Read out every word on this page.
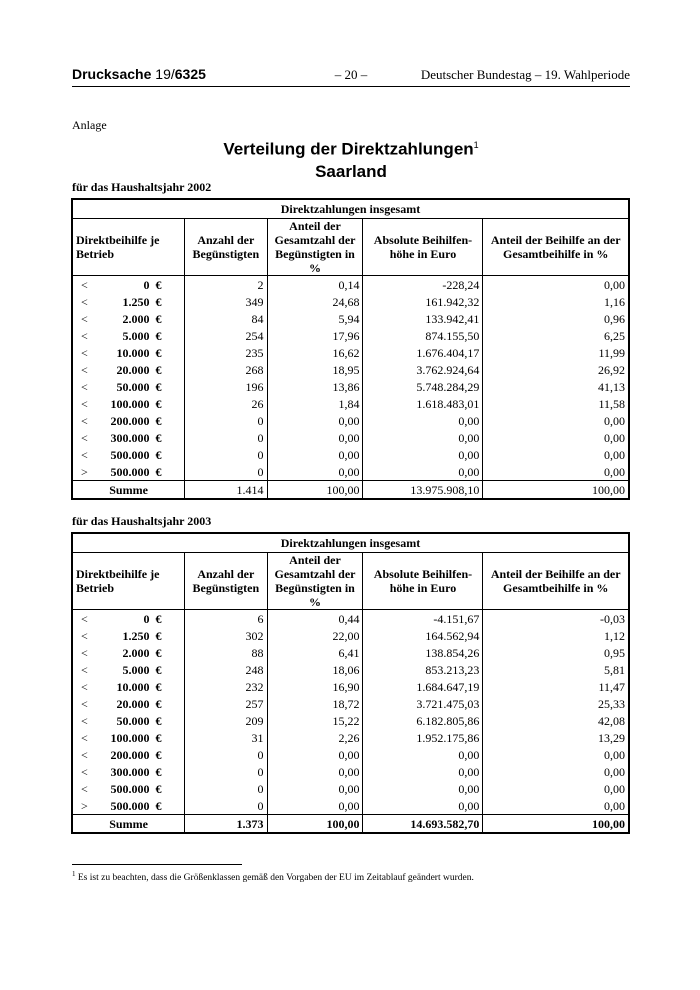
Drucksache 19/6325	– 20 –	Deutscher Bundestag – 19. Wahlperiode
Anlage
Verteilung der Direktzahlungen$^1$
Saarland
für das Haushaltsjahr 2002
Direktzahlungen insgesamt						
Direktbeihilfe je Betrieb			Anzahl der Begünstigten	Anteil der Gesamtzahl der Begünstigten in %	Absolute Beihilfen-höhe in Euro	Anteil der Beihilfe an der Gesamtbeihilfe in %
<	0	€	2	0,14	-228,24	0,00
<	1.250	€	349	24,68	161.942,32	1,16
<	2.000	€	84	5,94	133.942,41	0,96
<	5.000	€	254	17,96	874.155,50	6,25
<	10.000	€	235	16,62	1.676.404,17	11,99
<	20.000	€	268	18,95	3.762.924,64	26,92
<	50.000	€	196	13,86	5.748.284,29	41,13
<	100.000	€	26	1,84	1.618.483,01	11,58
<	200.000	€	0	0,00	0,00	0,00
<	300.000	€	0	0,00	0,00	0,00
<	500.000	€	0	0,00	0,00	0,00
>	500.000	€	0	0,00	0,00	0,00
Summe			1.414	100,00	13.975.908,10	100,00
für das Haushaltsjahr 2003
Direktzahlungen insgesamt						
Direktbeihilfe je Betrieb			Anzahl der Begünstigten	Anteil der Gesamtzahl der Begünstigten in %	Absolute Beihilfen-höhe in Euro	Anteil der Beihilfe an der Gesamtbeihilfe in %
<	0	€	6	0,44	-4.151,67	-0,03
<	1.250	€	302	22,00	164.562,94	1,12
<	2.000	€	88	6,41	138.854,26	0,95
<	5.000	€	248	18,06	853.213,23	5,81
<	10.000	€	232	16,90	1.684.647,19	11,47
<	20.000	€	257	18,72	3.721.475,03	25,33
<	50.000	€	209	15,22	6.182.805,86	42,08
<	100.000	€	31	2,26	1.952.175,86	13,29
<	200.000	€	0	0,00	0,00	0,00
<	300.000	€	0	0,00	0,00	0,00
<	500.000	€	0	0,00	0,00	0,00
>	500.000	€	0	0,00	0,00	0,00
Summe			1.373	100,00	14.693.582,70	100,00
$^1$ Es ist zu beachten, dass die Größenklassen gemäß den Vorgaben der EU im Zeitablauf geändert wurden.
